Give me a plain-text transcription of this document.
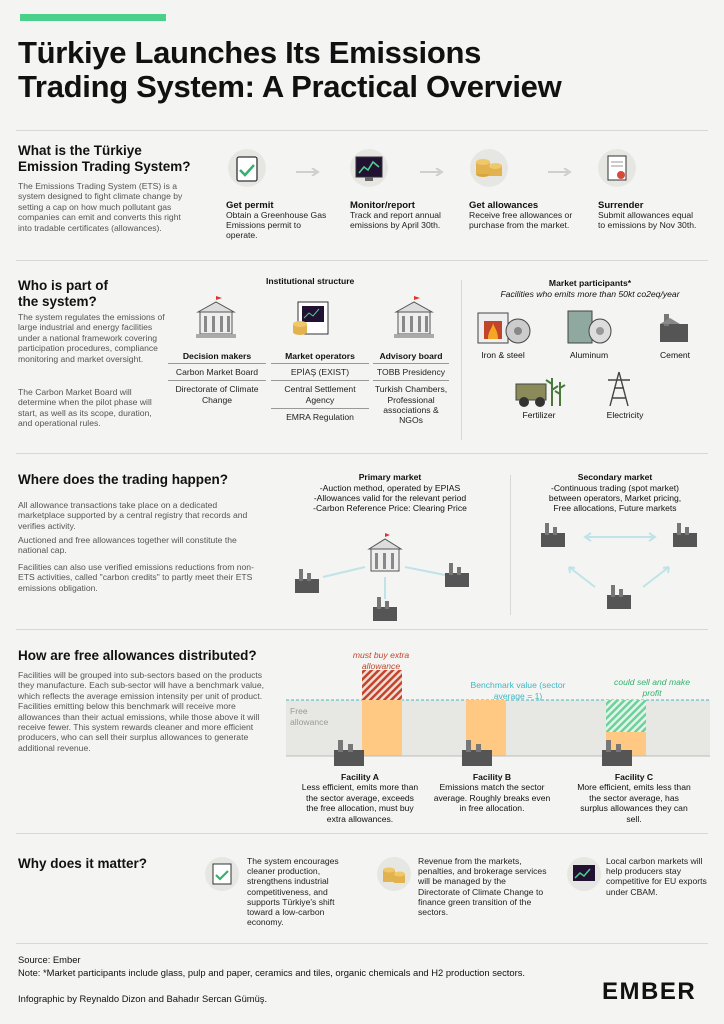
Türkiye Launches Its Emissions
Trading System: A Practical Overview
What is the Türkiye Emission Trading System?
The Emissions Trading System (ETS) is a system designed to fight climate change by setting a cap on how much pollutant gas companies can emit and converts this right into tradable certificates (allowances).
Get permit
Obtain a Greenhouse Gas Emissions permit to operate.
Monitor/report
Track and report annual emissions by April 30th.
Get allowances
Receive free allowances or purchase from the market.
Surrender
Submit allowances equal to emissions by Nov 30th.
Who is part of the system?
The system regulates the emissions of large industrial and energy facilities under a national framework covering participation procedures, compliance monitoring and market oversight.
The Carbon Market Board will determine when the pilot phase will start, as well as its scope, duration, and operational rules.
Institutional structure
Decision makers
Carbon Market Board
Directorate of Climate Change
Market operators
EPİAŞ (EXIST)
Central Settlement Agency
EMRA Regulation
Advisory board
TOBB Presidency
Turkish Chambers, Professional associations & NGOs
Market participants*
Facilities who emits more than 50kt co2eq/year
Iron & steel	Aluminum	Cement
Fertilizer	Electricity
Where does the trading happen?
All allowance transactions take place on a dedicated marketplace supported by a central registry that records and verifies activity.
Auctioned and free allowances together will constitute the national cap.
Facilities can also use verified emissions reductions from non-ETS activities, called "carbon credits" to partly meet their ETS emissions obligation.
Primary market
-Auction method, operated by EPIAS
-Allowances valid for the relevant period
-Carbon Reference Price: Clearing Price
Secondary market
-Continuous trading (spot market)
between operators, Market pricing,
Free allocations, Future markets
How are free allowances distributed?
Facilities will be grouped into sub-sectors based on the products they manufacture. Each sub-sector will have a benchmark value, which reflects the average emission intensity per unit of product. Facilities emitting below this benchmark will receive more allowances than their actual emissions, while those above it will receive fewer. This system rewards cleaner and more efficient producers, who can sell their surplus allowances to generate additional revenue.
must buy extra allowance
Benchmark value (sector average = 1)
could sell and make profit
Free allowance
Facility A
Less efficient, emits more than the sector average, exceeds the free allocation, must buy extra allowances.
Facility B
Emissions match the sector average. Roughly breaks even in free allocation.
Facility C
More efficient, emits less than the sector average, has surplus allowances they can sell.
Why does it matter?	The system encourages cleaner production, strengthens industrial competitiveness, and supports Türkiye's shift toward a low-carbon economy.
Revenue from the markets, penalties, and brokerage services will be managed by the Directorate of Climate Change to finance green transition of the sectors.
Local carbon markets will help producers stay competitive for EU exports under CBAM.
Source: Ember
Note: *Market participants include glass, pulp and paper, ceramics and tiles, organic chemicals and H2 production sectors.
Infographic by Reynaldo Dizon and Bahadır Sercan Gümüş.	EMBER
